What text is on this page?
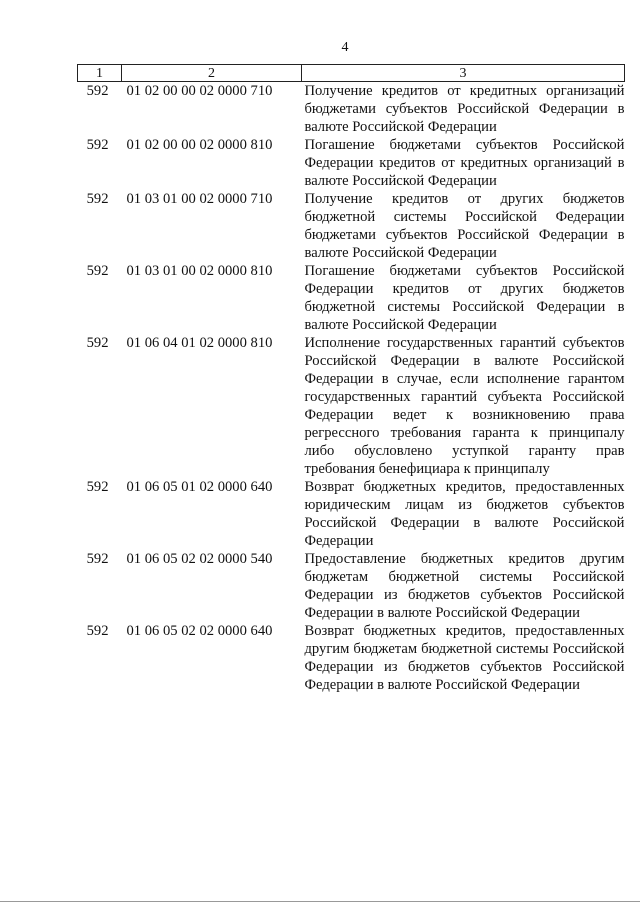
4
1	2	3
592	01 02 00 00 02 0000 710	Получение кредитов от кредитных организаций бюджетами субъектов Российской Федерации в валюте Российской Федерации
592	01 02 00 00 02 0000 810	Погашение бюджетами субъектов Российской Федерации кредитов от кредитных организаций в валюте Российской Федерации
592	01 03 01 00 02 0000 710	Получение кредитов от других бюджетов бюджетной системы Российской Федерации бюджетами субъектов Российской Федерации в валюте Российской Федерации
592	01 03 01 00 02 0000 810	Погашение бюджетами субъектов Российской Федерации кредитов от других бюджетов бюджетной системы Российской Федерации в валюте Российской Федерации
592	01 06 04 01 02 0000 810	Исполнение государственных гарантий субъектов Российской Федерации в валюте Российской Федерации в случае, если исполнение гарантом государственных гарантий субъекта Российской Федерации ведет к возникновению права регрессного требования гаранта к принципалу либо обусловлено уступкой гаранту прав требования бенефициара к принципалу
592	01 06 05 01 02 0000 640	Возврат бюджетных кредитов, предоставленных юридическим лицам из бюджетов субъектов Российской Федерации в валюте Российской Федерации
592	01 06 05 02 02 0000 540	Предоставление бюджетных кредитов другим бюджетам бюджетной системы Российской Федерации из бюджетов субъектов Российской Федерации в валюте Российской Федерации
592	01 06 05 02 02 0000 640	Возврат бюджетных кредитов, предоставленных другим бюджетам бюджетной системы Российской Федерации из бюджетов субъектов Российской Федерации в валюте Российской Федерации
